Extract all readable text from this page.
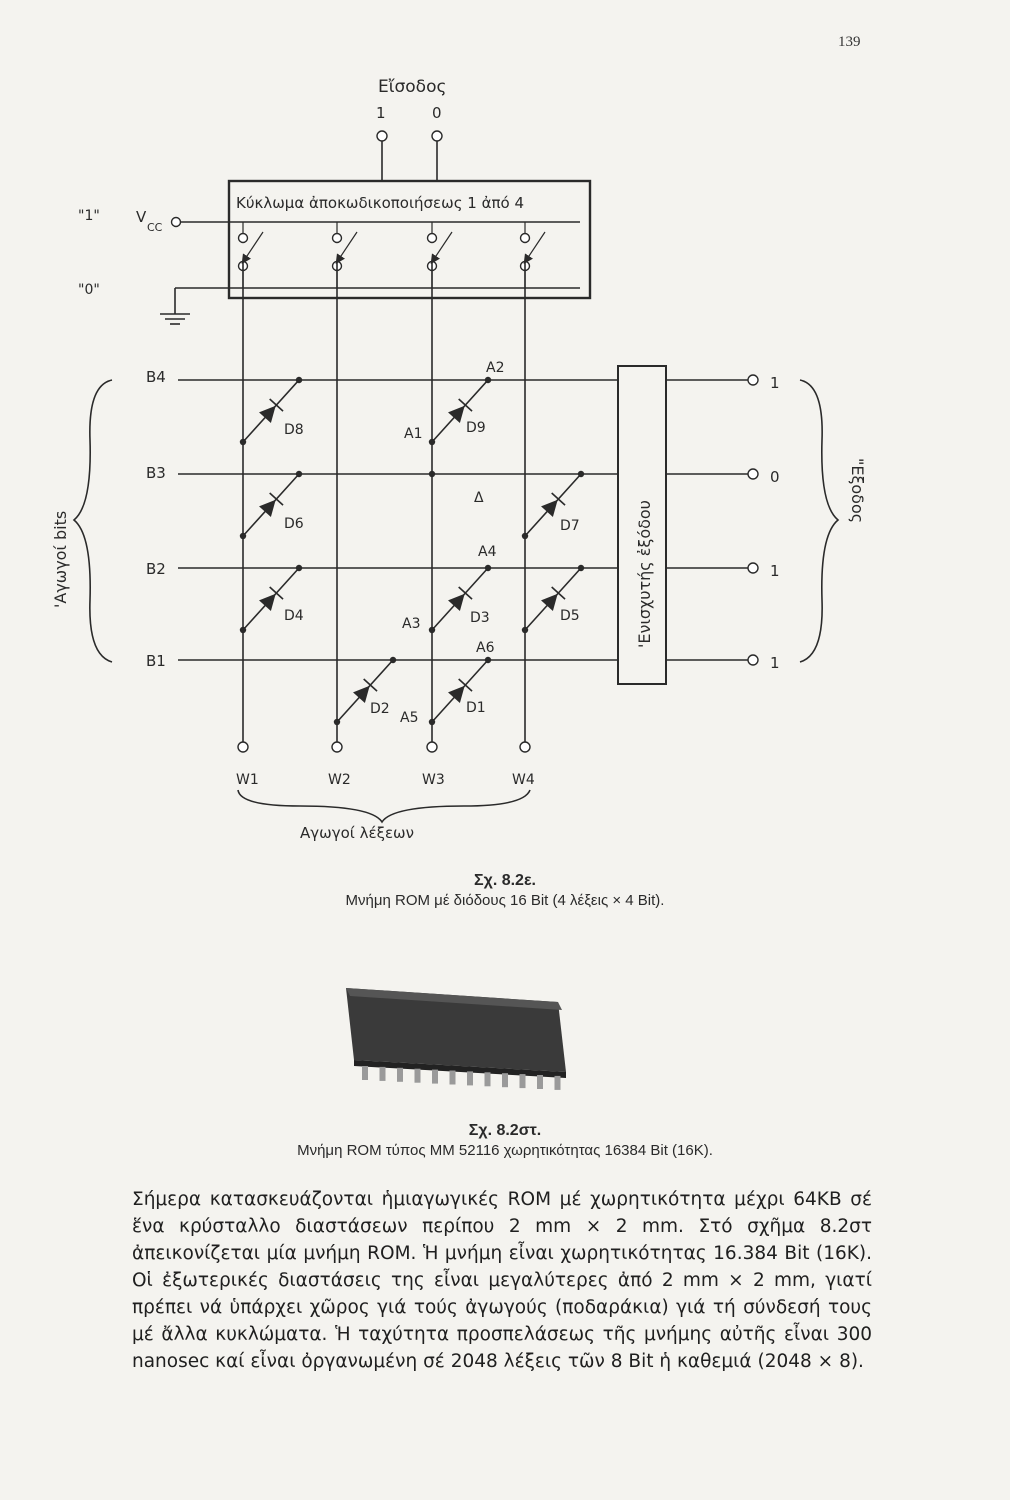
139
Εἴσοδος
1	0
Κύκλωμα ἀποκωδικοποιήσεως 1 ἀπό 4
"1" V
CC
"0"
B4
B3
B2
B1
'Αγωγοί bits
W1	W2	W3	W4
Αγωγοί λέξεων
D8	D9
D6	D7
D4	D3	D5
D2	D1
A2
A1
Δ
A4
A3
A6
A5
'Ενισχυτής ἐξόδου
1
0
1
1
"Εξοδος
Σχ. 8.2ε.
Μνήμη ROM μέ διόδους 16 Bit (4 λέξεις × 4 Bit).
Σχ. 8.2στ.
Μνήμη ROM τύπος MM 52116 χωρητικότητας 16384 Bit (16K).

Σήμερα κατασκευάζονται ἡμιαγωγικές ROM μέ χωρητικότητα μέχρι 64KB σέ ἕνα κρύσταλλο διαστάσεων περίπου 2 mm × 2 mm. Στό σχῆμα 8.2στ ἀπεικονίζεται μία μνήμη ROM. Ἡ μνήμη εἶναι χωρητικότητας 16.384 Bit (16K). Οἱ ἐξωτερικές διαστάσεις της εἶναι μεγαλύτερες ἀπό 2 mm × 2 mm, γιατί πρέπει νά ὑπάρχει χῶρος γιά τούς ἀγωγούς (ποδαράκια) γιά τή σύνδεσή τους μέ ἄλλα κυκλώματα. Ἡ ταχύτητα προσπελάσεως τῆς μνήμης αὐτῆς εἶναι 300 nanosec καί εἶναι ὀργανωμένη σέ 2048 λέξεις τῶν 8 Bit ἡ καθεμιά (2048 × 8).
